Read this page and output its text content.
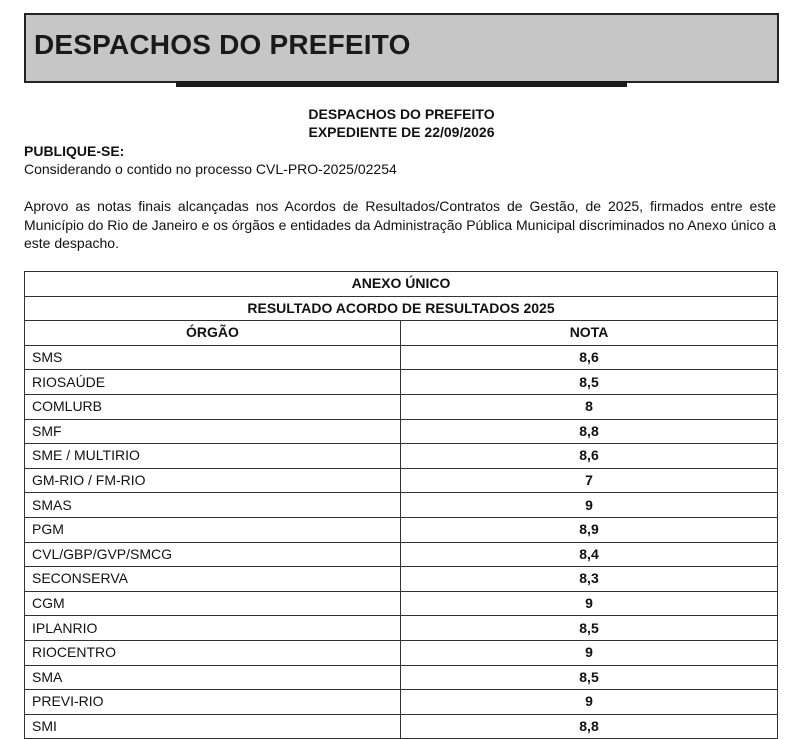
DESPACHOS DO PREFEITO
DESPACHOS DO PREFEITO
EXPEDIENTE DE 22/09/2026
PUBLIQUE-SE:
Considerando o contido no processo CVL-PRO-2025/02254
Aprovo as notas finais alcançadas nos Acordos de Resultados/Contratos de Gestão, de 2025, firmados entre este Município do Rio de Janeiro e os órgãos e entidades da Administração Pública Municipal discriminados no Anexo único a este despacho.
ANEXO ÚNICO	
RESULTADO ACORDO DE RESULTADOS 2025	
ÓRGÃO	NOTA
SMS	8,6
RIOSAÚDE	8,5
COMLURB	8
SMF	8,8
SME / MULTIRIO	8,6
GM-RIO / FM-RIO	7
SMAS	9
PGM	8,9
CVL/GBP/GVP/SMCG	8,4
SECONSERVA	8,3
CGM	9
IPLANRIO	8,5
RIOCENTRO	9
SMA	8,5
PREVI-RIO	9
SMI	8,8
